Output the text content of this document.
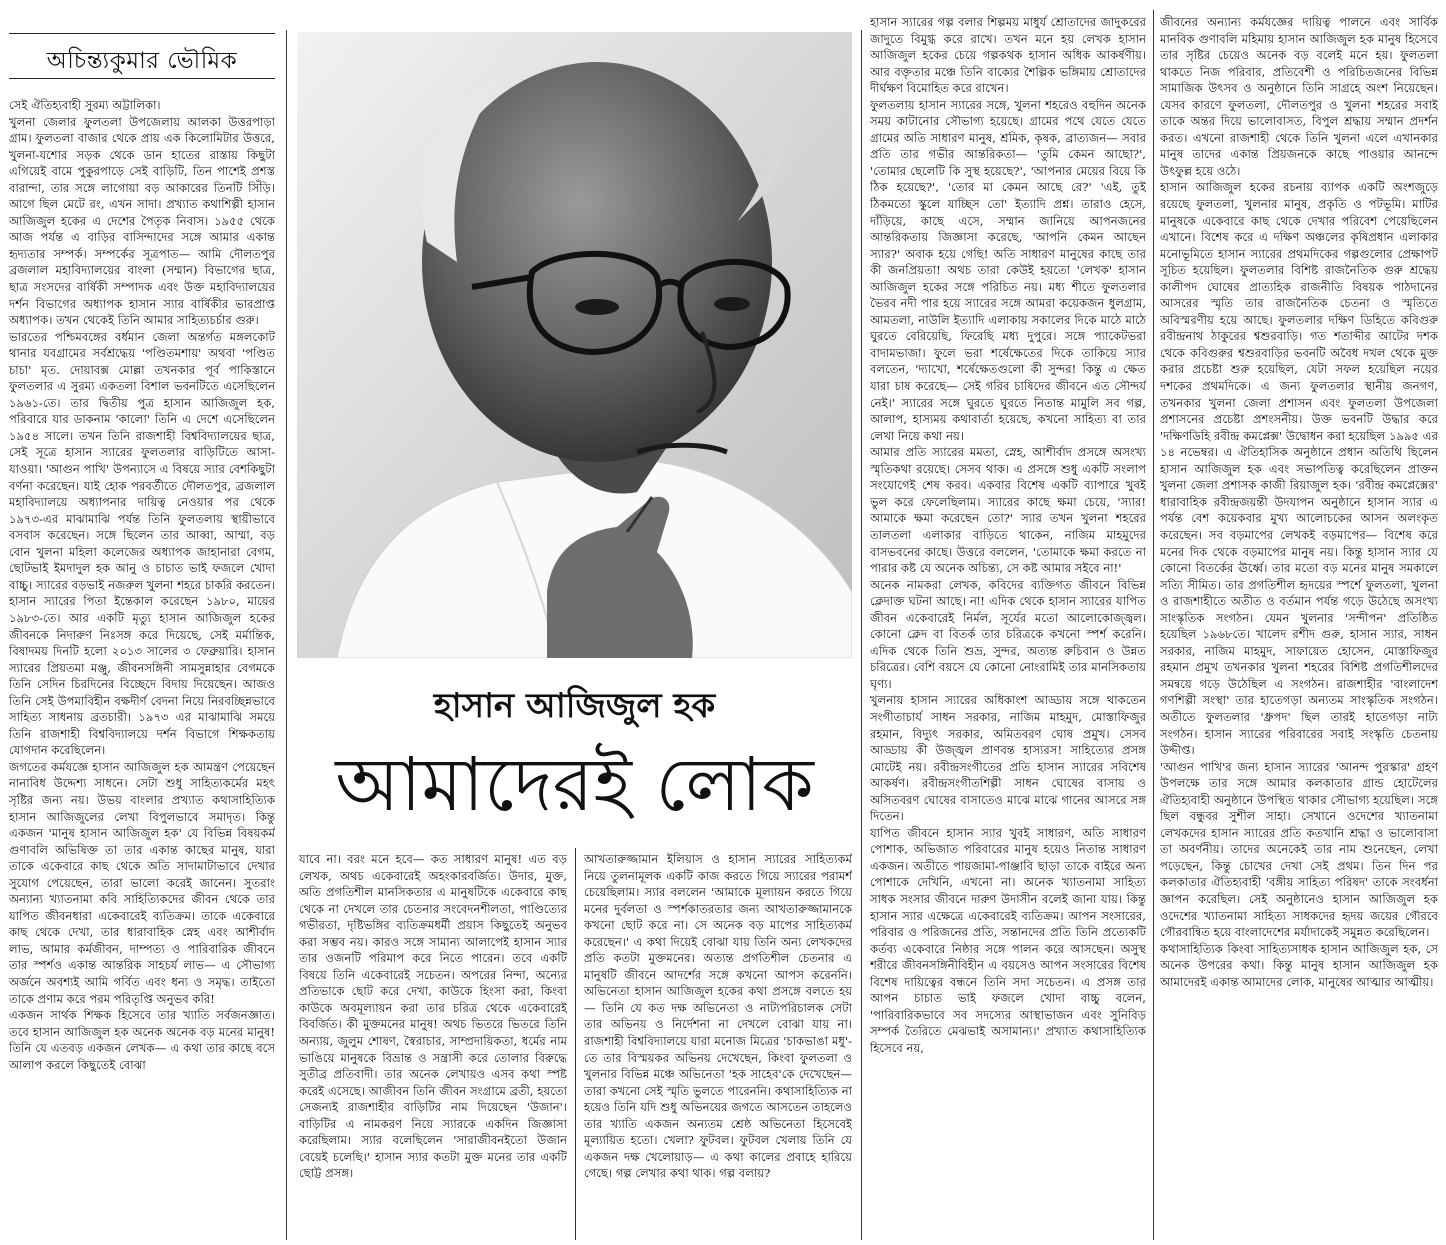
অচিন্ত্যকুমার ভৌমিক

সেই ঐতিহ্যবাহী সুরম্য অট্টালিকা।

খুলনা জেলার ফুলতলা উপজেলায় আলকা উত্তরপাড়া গ্রাম। ফুলতলা বাজার থেকে প্রায় এক কিলোমিটার উত্তরে, খুলনা-যশোর সড়ক থেকে ডান হাতের রাস্তায় কিছুটা এগিয়েই বামে পুকুরপাড়ে সেই বাড়িটি, তিন পাশেই প্রশস্ত বারান্দা, তার সঙ্গে লাগোয়া বড় আকারের তিনটি সিঁড়ি। আগে ছিল মেটে রং, এখন সাদা। প্রখ্যাত কথাশিল্পী হাসান আজিজুল হকের এ দেশের পৈতৃক নিবাস। ১৯৫৫ থেকে আজ পর্যন্ত এ বাড়ির বাসিন্দাদের সঙ্গে আমার একান্ত হৃদ্যতার সম্পর্ক। সম্পর্কের সূত্রপাত— আমি দৌলতপুর ব্রজলাল মহাবিদ্যালয়ের বাংলা (সম্মান) বিভাগের ছাত্র, ছাত্র সংসদের বার্ষিকী সম্পাদক এবং উক্ত মহাবিদ্যালয়ের দর্শন বিভাগের অধ্যাপক হাসান স্যার বার্ষিকীর ভারপ্রাপ্ত অধ্যাপক। তখন থেকেই তিনি আমার সাহিত্যচর্চার গুরু।

ভারতের পশ্চিমবঙ্গের বর্ধমান জেলা অন্তর্গত মঙ্গলকোট থানার যবগ্রামের সর্বশ্রদ্ধেয় 'পণ্ডিতমশায়' অথবা 'পণ্ডিত চাচা' মৃত. দোয়াবক্স মোল্লা তখনকার পূর্ব পাকিস্তানে ফুলতলার এ সুরম্য একতলা বিশাল ভবনটিতে এসেছিলেন ১৯৬১-তে। তার দ্বিতীয় পুত্র হাসান আজিজুল হক, পরিবারে যার ডাকনাম 'কালো' তিনি এ দেশে এসেছিলেন ১৯৫৪ সালে। তখন তিনি রাজশাহী বিশ্ববিদ্যালয়ের ছাত্র, সেই সূত্রে হাসান স্যারের ফুলতলার বাড়িটিতে আসা-যাওয়া। 'আগুন পাখি' উপন্যাসে এ বিষয়ে স্যার বেশকিছুটা বর্ণনা করেছেন। যাই হোক পরবর্তীতে দৌলতপুর, ব্রজলাল মহাবিদ্যালয়ে অধ্যাপনার দায়িত্ব নেওয়ার পর থেকে ১৯৭৩-এর মাঝামাঝি পর্যন্ত তিনি ফুলতলায় স্থায়ীভাবে বসবাস করেছেন। সঙ্গে ছিলেন তার আব্বা, আম্মা, বড় বোন খুলনা মহিলা কলেজের অধ্যাপক জাহানারা বেগম, ছোটভাই ইমদাদুল হক আনু ও চাচাত ভাই ফজলে খোদা বাচ্চু। স্যারের বড়ভাই নজরুল খুলনা শহরে চাকরি করতেন। হাসান স্যারের পিতা ইন্তেকাল করেছেন ১৯৮০, মায়ের ১৯৮৩-তে। আর একটি মৃত্যু হাসান আজিজুল হকের জীবনকে নিদারুণ নিঃসঙ্গ করে দিয়েছে, সেই মর্মান্তিক, বিষাদময় দিনটি হলো ২০১৩ সালের ৩ ফেব্রুয়ারি। হাসান স্যারের প্রিয়তমা মঞ্জু, জীবনসঙ্গিনী সামসুন্নাহার বেগমকে তিনি সেদিন চিরদিনের বিচ্ছেদে বিদায় দিয়েছেন। আজও তিনি সেই উপমাবিহীন বক্ষদীর্ণ বেদনা নিয়ে নিরবচ্ছিন্নভাবে সাহিত্য সাধনায় ব্রতচারী। ১৯৭৩ এর মাঝামাঝি সময়ে তিনি রাজশাহী বিশ্ববিদ্যালয়ে দর্শন বিভাগে শিক্ষকতায় যোগদান করেছিলেন।

জগতের কর্মযজ্ঞে হাসান আজিজুল হক আমন্ত্রণ পেয়েছেন নানাবিধ উদ্দেশ্য সাধনে। সেটা শুধু সাহিত্যকর্মের মহৎ সৃষ্টির জন্য নয়। উভয় বাংলার প্রখ্যাত কথাসাহিত্যিক হাসান আজিজুলের লেখা বিপুলভাবে সমাদৃত। কিন্তু একজন 'মানুষ হাসান আজিজুল হক' যে বিভিন্ন বিষয়কর্ম গুণাবলি অভিষিক্ত তা তার একান্ত কাছের মানুষ, যারা তাকে একেবারে কাছ থেকে অতি সাদামাটাভাবে দেখার সুযোগ পেয়েছেন, তারা ভালো করেই জানেন। সুতরাং অন্যান্য খ্যাতনামা কবি সাহিত্যিকদের জীবন থেকে তার যাপিত জীবনধারা একেবারেই ব্যতিক্রম। তাকে একেবারে কাছ থেকে দেখা, তার ধারাবাহিক স্নেহ এবং আশীর্বাদ লাভ, আমার কর্মজীবন, দাম্পত্য ও পারিবারিক জীবনে তার স্পর্শও একান্ত আন্তরিক সাহচর্য লাভ— এ সৌভাগ্য অর্জনে অবশ্যই আমি গর্বিত এবং ধন্য ও সমৃদ্ধ। তাইতো তাকে প্রণাম করে পরম পরিতৃপ্তি অনুভব করি!

একজন সার্থক শিক্ষক হিসেবে তার খ্যাতি সর্বজনজ্ঞাত। তবে হাসান আজিজুল হক অনেক অনেক বড় মনের মানুষ! তিনি যে এতবড় একজন লেখক— এ কথা তার কাছে বসে আলাপ করলে কিছুতেই বোঝা

হাসান আজিজুল হক
আমাদেরই লোক

যাবে না। বরং মনে হবে— কত সাধারণ মানুষ! এত বড় লেখক, অথচ একেবারেই অহংকারবর্জিত। উদার, মুক্ত, অতি প্রগতিশীল মানসিকতার এ মানুষটিকে একেবারে কাছ থেকে না দেখলে তার চেতনার সংবেদনশীলতা, পাণ্ডিত্যের গভীরতা, দৃষ্টিভঙ্গির ব্যতিক্রমধর্মী প্রয়াস কিছুতেই অনুভব করা সম্ভব নয়। কারও সঙ্গে সামান্য আলাপেই হাসান স্যার তার ওজনটি পরিমাপ করে নিতে পারেন। তবে একটি বিষয়ে তিনি একেবারেই সচেতন। অপরের নিন্দা, অন্যের প্রতিভাকে ছোট করে দেখা, কাউকে হিংসা করা, কিংবা কাউকে অবমূল্যায়ন করা তার চরিত্র থেকে একেবারেই বিবর্জিত। কী মুক্তমনের মানুষ! অথচ ভিতরে ভিতরে তিনি অন্যায়, জুলুম শোষণ, স্বৈরাচার, সাম্প্রদায়িকতা, ধর্মের নাম ভাঙিয়ে মানুষকে বিভ্রান্ত ও সন্ত্রাসী করে তোলার বিরুদ্ধে সুতীব্র প্রতিবাদী। তার অনেক লেখায়ও এসব কথা স্পষ্ট করেই এসেছে। আজীবন তিনি জীবন সংগ্রামে ব্রতী, হয়তো সেজন্যই রাজশাহীর বাড়িটির নাম দিয়েছেন 'উজান'। বাড়িটির এ নামকরণ নিয়ে স্যারকে একদিন জিজ্ঞাসা করেছিলাম। স্যার বলেছিলেন 'সারাজীবনইতো উজান বেয়েই চলেছি।' হাসান স্যার কতটা মুক্ত মনের তার একটি ছোট্ট প্রসঙ্গ।

আখতারুজ্জামান ইলিয়াস ও হাসান স্যারের সাহিত্যকর্ম নিয়ে তুলনামূলক একটি কাজ করতে গিয়ে স্যারের পরামর্শ চেয়েছিলাম। স্যার বললেন 'আমাকে মূল্যায়ন করতে গিয়ে মনের দুর্বলতা ও স্পর্শকাতরতার জন্য আখতারুজ্জামানকে কখনো ছোট করে না। সে অনেক বড় মাপের সাহিত্যকর্ম করেছেন।' এ কথা দিয়েই বোঝা যায় তিনি অন্য লেখকদের প্রতি কতটা মুক্তমনের। অত্যন্ত প্রগতিশীল চেতনার এ মানুষটি জীবনে আদর্শের সঙ্গে কখনো আপস করেননি। অভিনেতা হাসান আজিজুল হকের কথা প্রসঙ্গে বলতে হয়— তিনি যে কত দক্ষ অভিনেতা ও নাট্যপরিচালক সেটা তার অভিনয় ও নির্দেশনা না দেখলে বোঝা যায় না। রাজশাহী বিশ্ববিদ্যালয়ে যারা মনোজ মিত্রের 'চাকভাঙা মধু'-তে তার বিস্ময়কর অভিনয় দেখেছেন, কিংবা ফুলতলা ও খুলনার বিভিন্ন মঞ্চে অভিনেতা 'হক সাহেব'কে দেখেছেন— তারা কখনো সেই স্মৃতি ভুলতে পারেননি। কথাসাহিত্যিক না হয়েও তিনি যদি শুধু অভিনয়ের জগতে আসতেন তাহলেও তার খ্যাতি একজন অন্যতম শ্রেষ্ঠ অভিনেতা হিসেবেই মূল্যায়িত হতো। খেলা? ফুটবল। ফুটবল খেলায় তিনি যে একজন দক্ষ খেলোয়াড়— এ কথা কালের প্রবাহে হারিয়ে গেছে। গল্প লেখার কথা থাক। গল্প বলায়?

হাসান স্যারের গল্প বলার শিল্পময় মাধুর্য শ্রোতাদের জাদুকরের জাদুতে বিমুগ্ধ করে রাখে। তখন মনে হয় লেখক হাসান আজিজুল হকের চেয়ে গল্পকথক হাসান অধিক আকর্ষণীয়। আর বক্তৃতার মঞ্চে তিনি বাক্যের শৈল্পিক ভঙ্গিমায় শ্রোতাদের দীর্ঘক্ষণ বিমোহিত করে রাখেন।

ফুলতলায় হাসান স্যারের সঙ্গে, খুলনা শহরেও বহুদিন অনেক সময় কাটানোর সৌভাগ্য হয়েছে। গ্রামের পথে যেতে যেতে গ্রামের অতি সাধারণ মানুষ, শ্রমিক, কৃষক, ব্রাত্যজন— সবার প্রতি তার গভীর আন্তরিকতা— 'তুমি কেমন আছো?', 'তোমার ছেলেটি কি সুস্থ হয়েছে?', 'আপনার মেয়ের বিয়ে কি ঠিক হয়েছে?', 'তোর মা কেমন আছে রে?' 'এই, তুই ঠিকমতো স্কুলে যাচ্ছিস তো' ইত্যাদি প্রশ্ন। তারাও হেসে, দাঁড়িয়ে, কাছে এসে, সম্মান জানিয়ে আপনজনের আন্তরিকতায় জিজ্ঞাসা করেছে, 'আপনি কেমন আছেন স্যার?' অবাক হয়ে গেছি! অতি সাধারণ মানুষের কাছে তার কী জনপ্রিয়তা! অথচ তারা কেউই হয়তো 'লেখক' হাসান আজিজুল হকের সঙ্গে পরিচিত নয়। মধ্য শীতে ফুলতলার ভৈরব নদী পার হয়ে স্যারের সঙ্গে আমরা কয়েকজন ধুলগ্রাম, আমতলা, নাউলি ইত্যাদি এলাকায় সকালের দিকে মাঠে মাঠে ঘুরতে বেরিয়েছি, ফিরেছি মধ্য দুপুরে। সঙ্গে প্যাকেটভরা বাদামভাজা। ফুলে ভরা শর্ষেক্ষেতের দিকে তাকিয়ে স্যার বলতেন, 'দ্যাখো, শর্ষেক্ষেতগুলো কী সুন্দর! কিন্তু এ ক্ষেত যারা চাষ করেছে— সেই গরিব চাষিদের জীবনে এত সৌন্দর্য নেই।' স্যারের সঙ্গে ঘুরতে ঘুরতে নিতান্ত মামুলি সব গল্প, আলাপ, হাস্যময় কথাবার্তা হয়েছে, কখনো সাহিত্য বা তার লেখা নিয়ে কথা নয়।

আমার প্রতি স্যারের মমতা, স্নেহ, আশীর্বাদ প্রসঙ্গে অসংখ্য স্মৃতিকথা রয়েছে। সেসব থাক। এ প্রসঙ্গে শুধু একটি সংলাপ সংযোগেই শেষ করব। একবার বিশেষ একটি ব্যাপারে খুবই ভুল করে ফেলেছিলাম। স্যারের কাছে ক্ষমা চেয়ে, 'স্যার! আমাকে ক্ষমা করেছেন তো?' স্যার তখন খুলনা শহরের তালতলা এলাকার বাড়িতে থাকেন, নাজিম মাহমুদের বাসভবনের কাছে। উত্তরে বললেন, 'তোমাকে ক্ষমা করতে না পারার কষ্ট যে অনেক অচিন্ত্য, সে কষ্ট আমার সইবে না!'

অনেক নামকরা লেখক, কবিদের ব্যক্তিগত জীবনে বিভিন্ন ক্লেদাক্ত ঘটনা আছে। না! এদিক থেকে হাসান স্যারের যাপিত জীবন একেবারেই নির্মল, সূর্যের মতো আলোকোজ্জ্বল। কোনো ক্লেদ বা বিতর্ক তার চরিত্রকে কখনো স্পর্শ করেনি। এদিক থেকে তিনি শুভ্র, সুন্দর, অত্যন্ত রুচিবান ও উন্নত চরিত্রের। বেশি বয়সে যে কোনো নোংরামিই তার মানসিকতায় ঘৃণ্য।

খুলনায় হাসান স্যারের অধিকাংশ আড্ডায় সঙ্গে থাকতেন সংগীতাচার্য সাধন সরকার, নাজিম মাহমুদ, মোস্তাফিজুর রহমান, বিদ্যুৎ সরকার, অমিতবরণ ঘোষ প্রমুখ। সেসব আড্ডায় কী উজ্জ্বল প্রাণবন্ত হাস্যরস! সাহিত্যের প্রসঙ্গ মোটেই নয়। রবীন্দ্রসংগীতের প্রতি হাসান স্যারের সবিশেষ আকর্ষণ। রবীন্দ্রসংগীতশিল্পী সাধন ঘোষের বাসায় ও অসিতবরণ ঘোষের বাসাতেও মাঝে মাঝে গানের আসরে সঙ্গ দিতেন।

যাপিত জীবনে হাসান স্যার খুবই সাধারণ, অতি সাধারণ পোশাক, অভিজাত পরিবারের মানুষ হয়েও নিতান্ত সাধারণ একজন। অতীতে পায়জামা-পাঞ্জাবি ছাড়া তাকে বাইরে অন্য পোশাকে দেখিনি, এখনো না। অনেক খ্যাতনামা সাহিত্য সাধক সংসার জীবনে দারুণ উদাসীন বলেই জানা যায়। কিন্তু হাসান স্যার এক্ষেত্রে একেবারেই ব্যতিক্রম। আপন সংসারের, পরিবার ও পরিজনের প্রতি, সন্তানদের প্রতি তিনি প্রত্যেকটি কর্তব্য একেবারে নিষ্ঠার সঙ্গে পালন করে আসছেন। অসুস্থ শরীরে জীবনসঙ্গিনীবিহীন এ বয়সেও আপন সংসারের বিশেষ বিশেষ দায়িত্বের বন্ধনে তিনি সদা সচেতন। এ প্রসঙ্গ তার আপন চাচাত ভাই ফজলে খোদা বাচ্চু বলেন, 'পারিবারিকভাবে সব সদস্যের আস্থাভাজন এবং সুনিবিড় সম্পর্ক তৈরিতে মেঝভাই অসামান্য।' প্রখ্যাত কথাসাহিত্যিক হিসেবে নয়,

জীবনের অন্যান্য কর্মযজ্ঞের দায়িত্ব পালনে এবং সার্বিক মানবিক গুণাবলি মহিমায় হাসান আজিজুল হক মানুষ হিসেবে তার সৃষ্টির চেয়েও অনেক বড় বলেই মনে হয়। ফুলতলা থাকতে নিজ পরিবার, প্রতিবেশী ও পরিচিতজনের বিভিন্ন সামাজিক উৎসব ও অনুষ্ঠানে তিনি সাগ্রহে অংশ নিয়েছেন। যেসব কারণে ফুলতলা, দৌলতপুর ও খুলনা শহরের সবাই তাকে অন্তর দিয়ে ভালোবাসত, বিপুল শ্রদ্ধায় সম্মান প্রদর্শন করত। এখনো রাজশাহী থেকে তিনি খুলনা এলে এখানকার মানুষ তাদের একান্ত প্রিয়জনকে কাছে পাওয়ার আনন্দে উৎফুল্ল হয়ে ওঠে।

হাসান আজিজুল হকের রচনায় ব্যাপক একটি অংশজুড়ে রয়েছে ফুলতলা, খুলনার মানুষ, প্রকৃতি ও পটভূমি। মাটির মানুষকে একেবারে কাছ থেকে দেখার পরিবেশ পেয়েছিলেন এখানে। বিশেষ করে এ দক্ষিণ অঞ্চলের কৃষিপ্রধান এলাকার মনোভূমিতে হাসান স্যারের প্রথমদিকের গল্পগুলোর প্রেক্ষাপট সূচিত হয়েছিল। ফুলতলার বিশিষ্ট রাজনৈতিক গুরু শ্রদ্ধেয় কালীপদ ঘোষের প্রাত্যহিক রাজনীতি বিষয়ক পাঠদানের আসরের স্মৃতি তার রাজনৈতিক চেতনা ও স্মৃতিতে অবিস্মরণীয় হয়ে আছে। ফুলতলার দক্ষিণ ডিহিতে কবিগুরু রবীন্দ্রনাথ ঠাকুরের শ্বশুরবাড়ি। গত শতাব্দীর আটের দশক থেকে কবিগুরুর শ্বশুরবাড়ির ভবনটি অবৈধ দখল থেকে মুক্ত করার প্রচেষ্টা শুরু হয়েছিল, যেটা সফল হয়েছিল নয়ের দশকের প্রথমদিকে। এ জন্য ফুলতলার স্থানীয় জনগণ, তখনকার খুলনা জেলা প্রশাসন এবং ফুলতলা উপজেলা প্রশাসনের প্রচেষ্টা প্রশংসনীয়। উক্ত ভবনটি উদ্ধার করে 'দক্ষিণডিহি রবীন্দ্র কমপ্লেক্স' উদ্বোধন করা হয়েছিল ১৯৯৫ এর ১৪ নভেম্বর। এ ঐতিহাসিক অনুষ্ঠানে প্রধান অতিথি ছিলেন হাসান আজিজুল হক এবং সভাপতিত্ব করেছিলেন প্রাক্তন খুলনা জেলা প্রশাসক কাজী রিয়াজুল হক। 'রবীন্দ্র কমপ্লেক্সের' ধারাবাহিক রবীন্দ্রজয়ন্তী উদযাপন অনুষ্ঠানে হাসান স্যার এ পর্যন্ত বেশ কয়েকবার মুখ্য আলোচকের আসন অলংকৃত করেছেন। সব বড়মাপের লেখকই বড়মাপের— বিশেষ করে মনের দিক থেকে বড়মাপের মানুষ নয়। কিন্তু হাসান স্যার যে কোনো বিতর্কের ঊর্ধ্বে। তার মতো বড় মনের মানুষ সমকালে সত্যি সীমিত। তার প্রগতিশীল হৃদয়ের স্পর্শে ফুলতলা, খুলনা ও রাজশাহীতে অতীত ও বর্তমান পর্যন্ত গড়ে উঠেছে অসংখ্য সাংস্কৃতিক সংগঠন। যেমন খুলনার 'সন্দীপন' প্রতিষ্ঠিত হয়েছিল ১৯৬৮তে। খালেদ রশীদ গুরু, হাসান স্যার, সাধন সরকার, নাজিম মাহমুদ, সাফায়েত হোসেন, মোস্তাফিজুর রহমান প্রমুখ তখনকার খুলনা শহরের বিশিষ্ট প্রগতিশীলদের সমন্বয়ে গড়ে উঠেছিল এ সংগঠন। রাজশাহীর 'বাংলাদেশ গণশিল্পী সংস্থা' তার হাতেগড়া অন্যতম সাংস্কৃতিক সংগঠন। অতীতে ফুলতলার 'ধ্রুপদ' ছিল তারই হাতেগড়া নাট্য সংগঠন। হাসান স্যারের পরিবারের সবাই সংস্কৃতি চেতনায় উদ্দীপ্ত।

'আগুন পাখি'র জন্য হাসান স্যারের 'আনন্দ পুরস্কার' গ্রহণ উপলক্ষে তার সঙ্গে আমার কলকাতার গ্রান্ড হোটেলের ঐতিহ্যবাহী অনুষ্ঠানে উপস্থিত থাকার সৌভাগ্য হয়েছিল। সঙ্গে ছিল বন্ধুবর সুশীল সাহা। সেখানে ওদেশের খ্যাতনামা লেখকদের হাসান স্যারের প্রতি কতখানি শ্রদ্ধা ও ভালোবাসা তা অবর্ণনীয়। তাদের অনেকেই তার নাম শুনেছেন, লেখা পড়েছেন, কিন্তু চোখের দেখা সেই প্রথম। তিন দিন পর কলকাতার ঐতিহ্যবাহী 'বঙ্গীয় সাহিত্য পরিষদ' তাকে সংবর্ধনা জ্ঞাপন করেছিল। সেই অনুষ্ঠানেও হাসান আজিজুল হক ওদেশের খ্যাতনামা সাহিত্য সাধকদের হৃদয় জয়ের গৌরবে গৌরবান্বিত হয়ে বাংলাদেশের মর্যাদাকেই সমুন্নত করেছিলেন।

কথাসাহিত্যিক কিংবা সাহিত্যসাধক হাসান আজিজুল হক, সে অনেক উপরের কথা। কিন্তু মানুষ হাসান আজিজুল হক আমাদেরই একান্ত আমাদের লোক, মানুষের আত্মার আত্মীয়।
